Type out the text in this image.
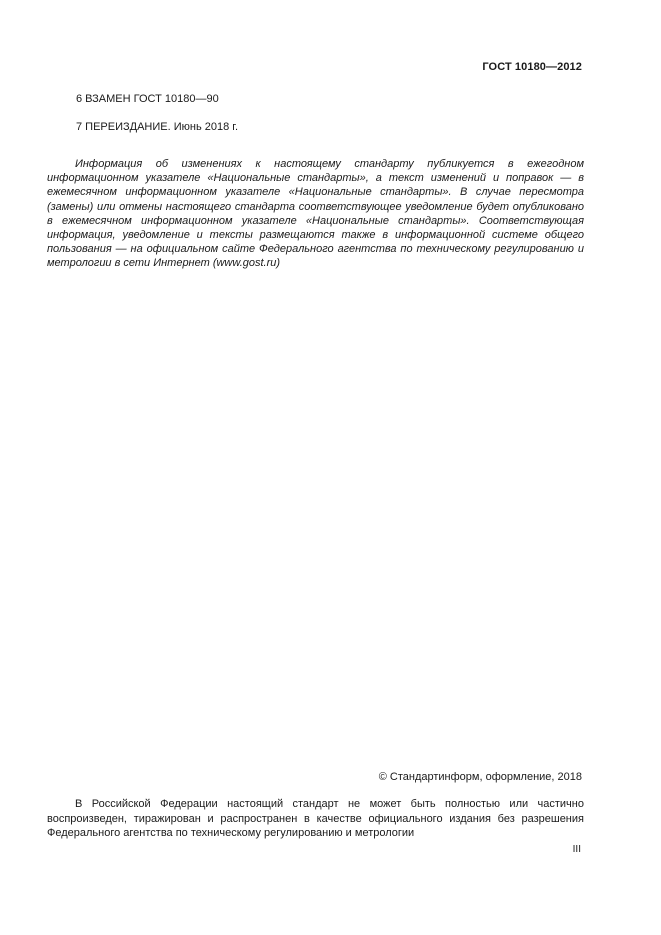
ГОСТ 10180—2012
6 ВЗАМЕН ГОСТ 10180—90
7 ПЕРЕИЗДАНИЕ. Июнь 2018 г.

Информация об изменениях к настоящему стандарту публикуется в ежегодном информационном указателе «Национальные стандарты», а текст изменений и поправок — в ежемесячном информационном указателе «Национальные стандарты». В случае пересмотра (замены) или отмены настоящего стандарта соответствующее уведомление будет опубликовано в ежемесячном информационном указателе «Национальные стандарты». Соответствующая информация, уведомление и тексты размещаются также в информационной системе общего пользования — на официальном сайте Федерального агентства по техническому регулированию и метрологии в сети Интернет (www.gost.ru)

© Стандартинформ, оформление, 2018

В Российской Федерации настоящий стандарт не может быть полностью или частично воспроизведен, тиражирован и распространен в качестве официального издания без разрешения Федерального агентства по техническому регулированию и метрологии

III
